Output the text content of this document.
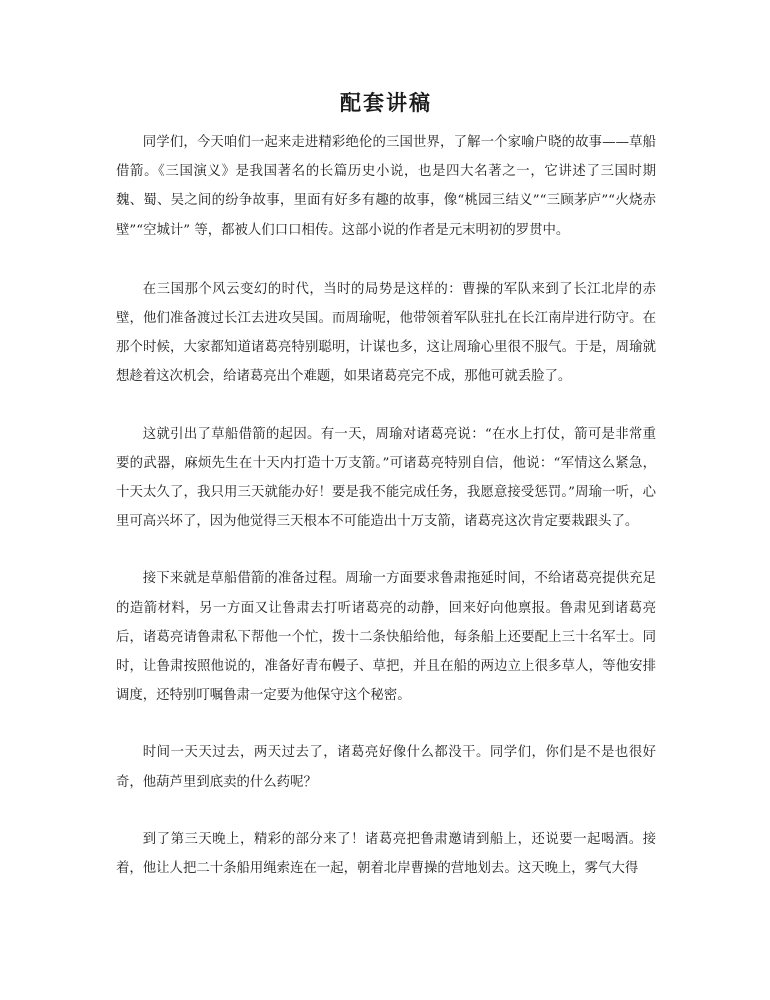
配套讲稿

同学们，今天咱们一起来走进精彩绝伦的三国世界，了解一个家喻户晓的故事——草船借箭。《三国演义》是我国著名的长篇历史小说，也是四大名著之一，它讲述了三国时期魏、蜀、吴之间的纷争故事，里面有好多有趣的故事，像“桃园三结义”“三顾茅庐”“火烧赤壁”“空城计” 等，都被人们口口相传。这部小说的作者是元末明初的罗贯中。

在三国那个风云变幻的时代，当时的局势是这样的：曹操的军队来到了长江北岸的赤壁，他们准备渡过长江去进攻吴国。而周瑜呢，他带领着军队驻扎在长江南岸进行防守。在那个时候，大家都知道诸葛亮特别聪明，计谋也多，这让周瑜心里很不服气。于是，周瑜就想趁着这次机会，给诸葛亮出个难题，如果诸葛亮完不成，那他可就丢脸了。

这就引出了草船借箭的起因。有一天，周瑜对诸葛亮说：“在水上打仗，箭可是非常重要的武器，麻烦先生在十天内打造十万支箭。”可诸葛亮特别自信，他说：“军情这么紧急，十天太久了，我只用三天就能办好！要是我不能完成任务，我愿意接受惩罚。”周瑜一听，心里可高兴坏了，因为他觉得三天根本不可能造出十万支箭，诸葛亮这次肯定要栽跟头了。

接下来就是草船借箭的准备过程。周瑜一方面要求鲁肃拖延时间，不给诸葛亮提供充足的造箭材料，另一方面又让鲁肃去打听诸葛亮的动静，回来好向他禀报。鲁肃见到诸葛亮后，诸葛亮请鲁肃私下帮他一个忙，拨十二条快船给他，每条船上还要配上三十名军士。同时，让鲁肃按照他说的，准备好青布幔子、草把，并且在船的两边立上很多草人，等他安排调度，还特别叮嘱鲁肃一定要为他保守这个秘密。

时间一天天过去，两天过去了，诸葛亮好像什么都没干。同学们，你们是不是也很好奇，他葫芦里到底卖的什么药呢？

到了第三天晚上，精彩的部分来了！诸葛亮把鲁肃邀请到船上，还说要一起喝酒。接着，他让人把二十条船用绳索连在一起，朝着北岸曹操的营地划去。这天晚上，雾气大得
